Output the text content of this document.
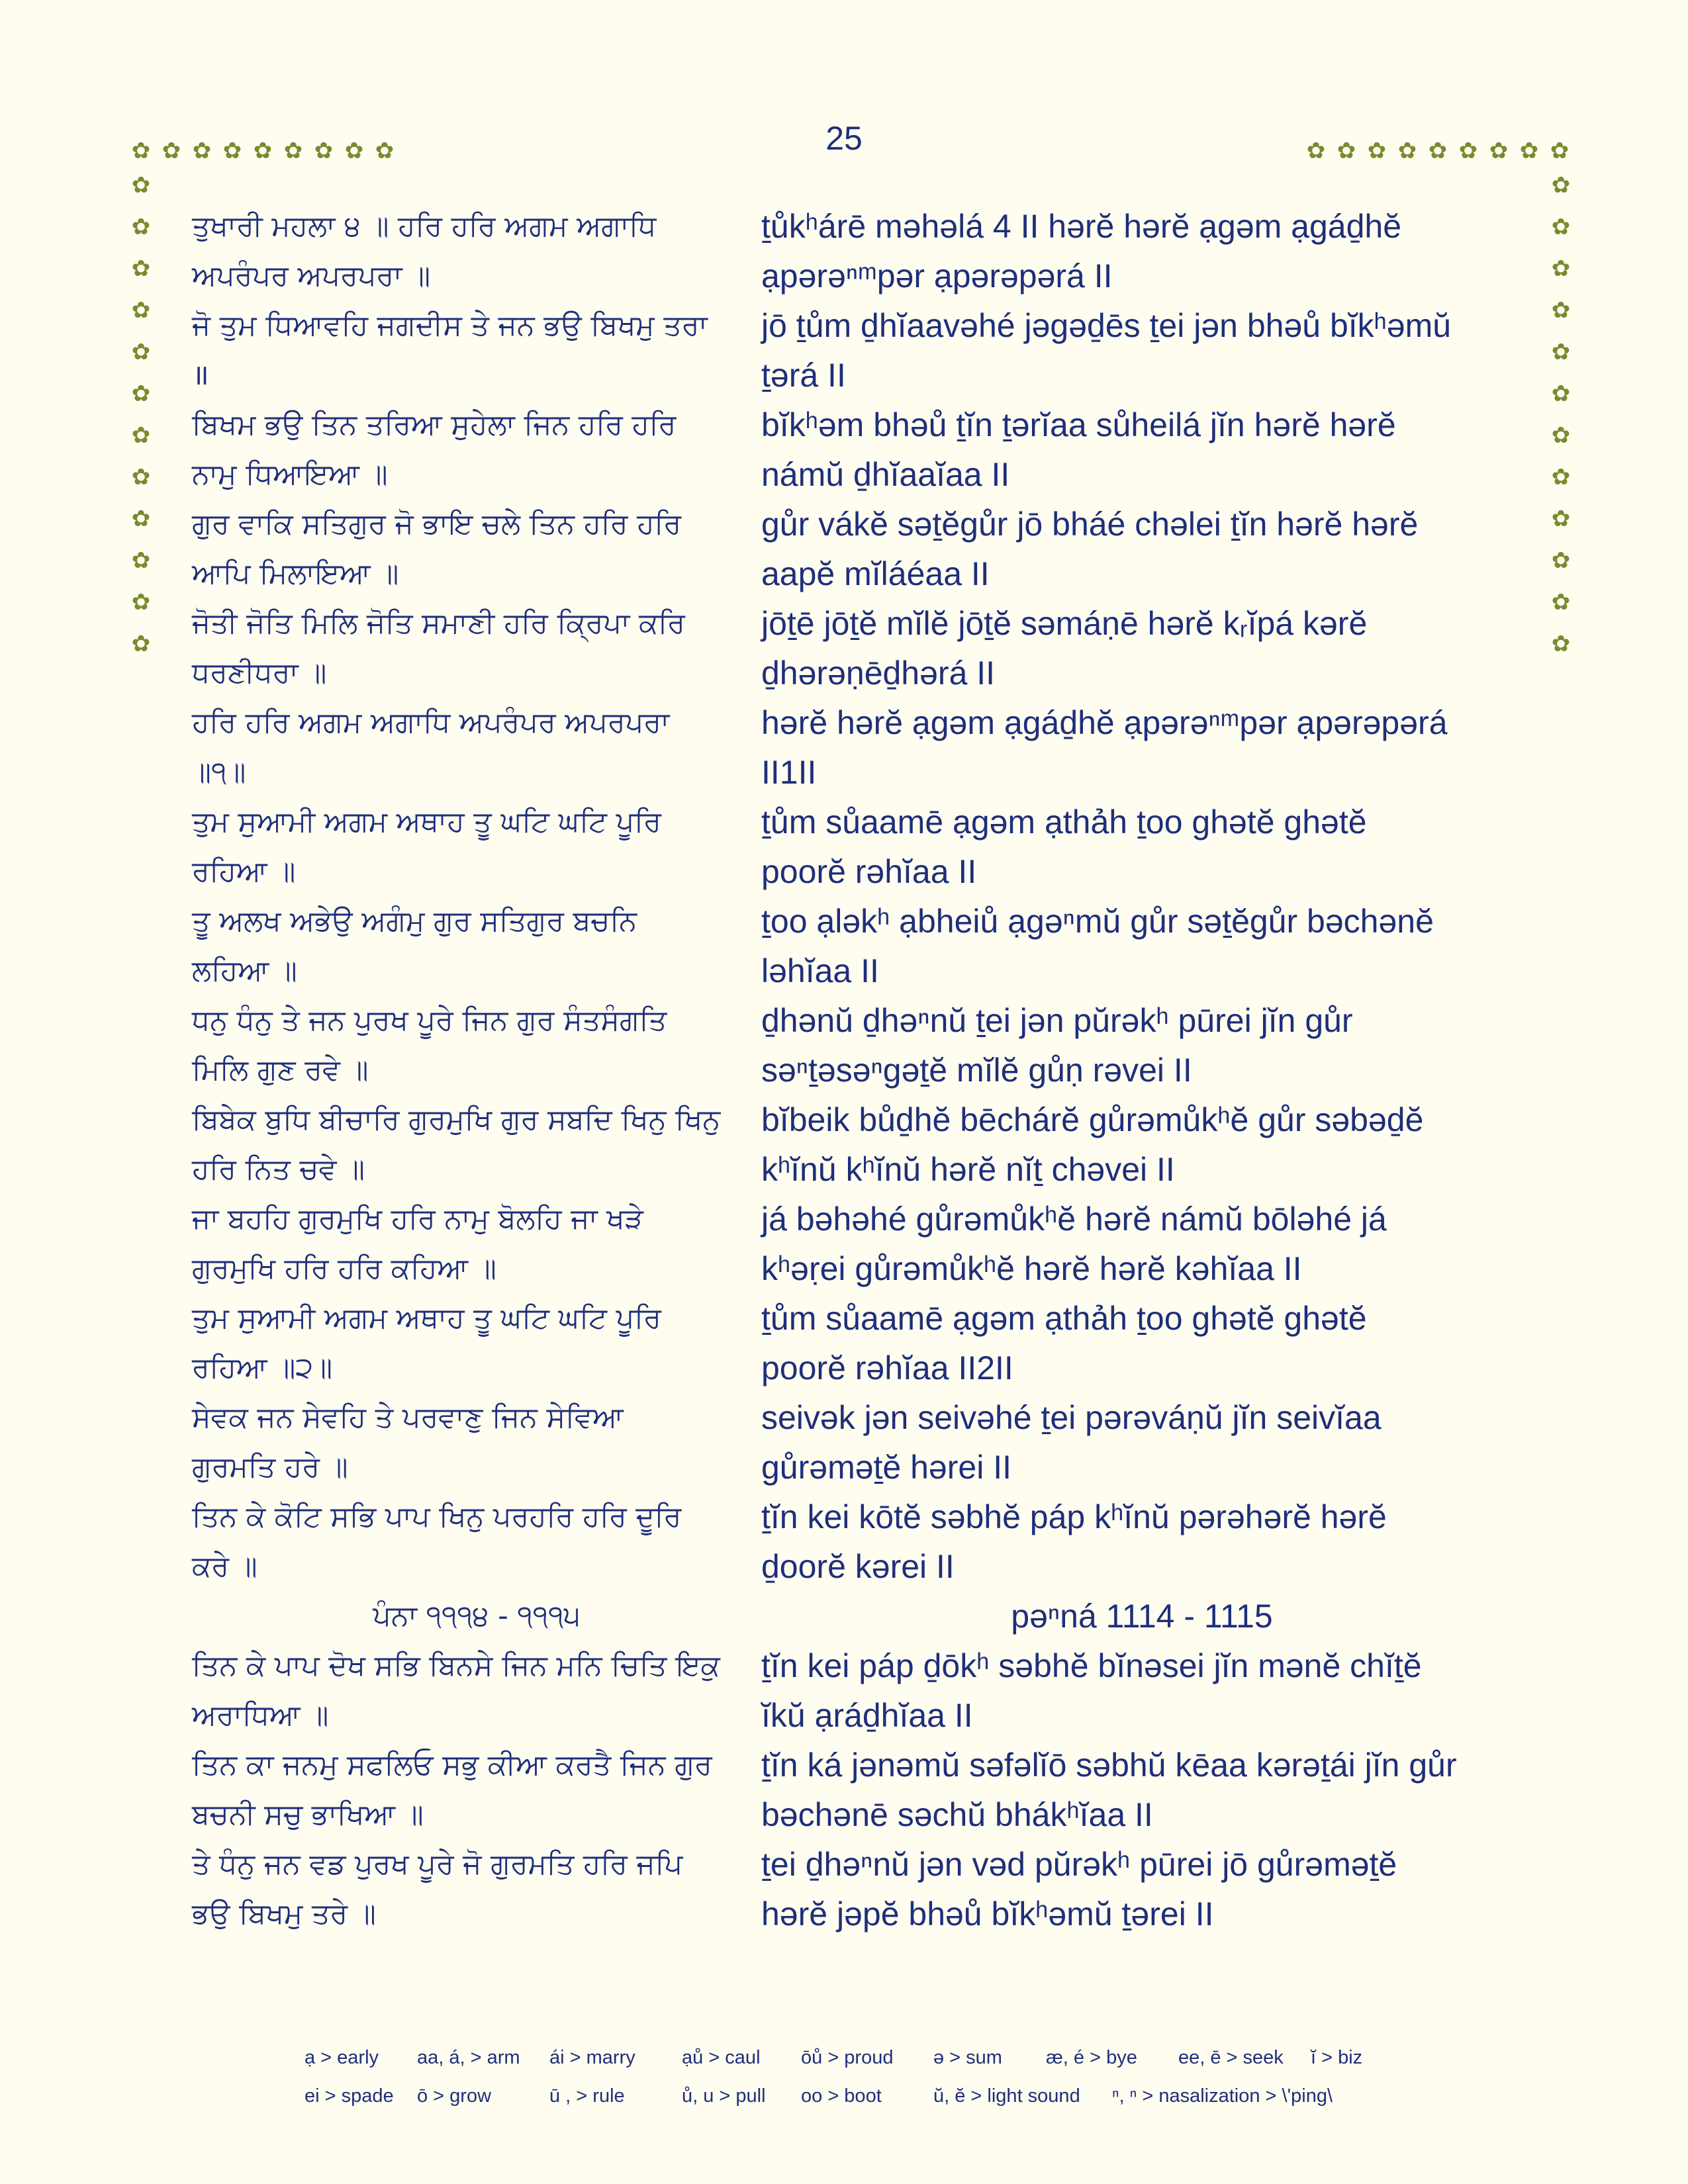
25
✿ ✿ ✿ ✿ ✿ ✿ ✿ ✿ ✿	✿ ✿ ✿ ✿ ✿ ✿ ✿ ✿ ✿
✿
✿
✿
✿
✿
✿
✿
✿
✿
✿
✿
✿
✿
✿
✿
✿
✿
✿
✿
✿
✿
✿
✿
✿
ਤੁਖਾਰੀ ਮਹਲਾ ੪ ॥ ਹਰਿ ਹਰਿ ਅਗਮ ਅਗਾਧਿ
ਅਪਰੰਪਰ ਅਪਰਪਰਾ ॥
ṯůkʰárē məhəlá 4 II hərĕ hərĕ ạgəm ạgáḏhĕ
ạpərəⁿᵐpər ạpərəpərá II
ਜੋ ਤੁਮ ਧਿਆਵਹਿ ਜਗਦੀਸ ਤੇ ਜਨ ਭਉ ਬਿਖਮੁ ਤਰਾ
॥
jō ṯům ḏhĭaavəhé jəgəḏēs ṯei jən bhəů bĭkʰəmŭ
ṯərá II
ਬਿਖਮ ਭਉ ਤਿਨ ਤਰਿਆ ਸੁਹੇਲਾ ਜਿਨ ਹਰਿ ਹਰਿ
ਨਾਮੁ ਧਿਆਇਆ ॥
bĭkʰəm bhəů ṯĭn ṯərĭaa sůheilá jĭn hərĕ hərĕ
námŭ ḏhĭaaĭaa II
ਗੁਰ ਵਾਕਿ ਸਤਿਗੁਰ ਜੋ ਭਾਇ ਚਲੇ ਤਿਨ ਹਰਿ ਹਰਿ
ਆਪਿ ਮਿਲਾਇਆ ॥
gůr vákĕ səṯĕgůr jō bháé chəlei ṯĭn hərĕ hərĕ
aapĕ mĭláéaa II
ਜੋਤੀ ਜੋਤਿ ਮਿਲਿ ਜੋਤਿ ਸਮਾਣੀ ਹਰਿ ਕ੍ਰਿਪਾ ਕਰਿ
ਧਰਣੀਧਰਾ ॥
jōṯē jōṯĕ mĭlĕ jōṯĕ səmáṇē hərĕ kᵣĭpá kərĕ
ḏhərəṇēḏhərá II
ਹਰਿ ਹਰਿ ਅਗਮ ਅਗਾਧਿ ਅਪਰੰਪਰ ਅਪਰਪਰਾ
॥੧॥
hərĕ hərĕ ạgəm ạgáḏhĕ ạpərəⁿᵐpər ạpərəpərá
II1II
ਤੁਮ ਸੁਆਮੀ ਅਗਮ ਅਥਾਹ ਤੂ ਘਟਿ ਘਟਿ ਪੂਰਿ
ਰਹਿਆ ॥
ṯům sůaamē ạgəm ạthảh ṯoo ghətĕ ghətĕ
poorĕ rəhĭaa II
ਤੂ ਅਲਖ ਅਭੇਉ ਅਗੰਮੁ ਗੁਰ ਸਤਿਗੁਰ ਬਚਨਿ
ਲਹਿਆ ॥
ṯoo ạləkʰ ạbheiů ạgəⁿmŭ gůr səṯĕgůr bəchənĕ
ləhĭaa II
ਧਨੁ ਧੰਨੁ ਤੇ ਜਨ ਪੁਰਖ ਪੂਰੇ ਜਿਨ ਗੁਰ ਸੰਤਸੰਗਤਿ
ਮਿਲਿ ਗੁਣ ਰਵੇ ॥
ḏhənŭ ḏhəⁿnŭ ṯei jən pŭrəkʰ pūrei jĭn gůr
səⁿṯəsəⁿgəṯĕ mĭlĕ gůṇ rəvei II
ਬਿਬੇਕ ਬੁਧਿ ਬੀਚਾਰਿ ਗੁਰਮੁਖਿ ਗੁਰ ਸਬਦਿ ਖਿਨੁ ਖਿਨੁ
ਹਰਿ ਨਿਤ ਚਵੇ ॥
bĭbeik bůḏhĕ bēchárĕ gůrəmůkʰĕ gůr səbəḏĕ
kʰĭnŭ kʰĭnŭ hərĕ nĭṯ chəvei II
ਜਾ ਬਹਹਿ ਗੁਰਮੁਖਿ ਹਰਿ ਨਾਮੁ ਬੋਲਹਿ ਜਾ ਖੜੇ
ਗੁਰਮੁਖਿ ਹਰਿ ਹਰਿ ਕਹਿਆ ॥
já bəhəhé gůrəmůkʰĕ hərĕ námŭ bōləhé já
kʰəṛei gůrəmůkʰĕ hərĕ hərĕ kəhĭaa II
ਤੁਮ ਸੁਆਮੀ ਅਗਮ ਅਥਾਹ ਤੂ ਘਟਿ ਘਟਿ ਪੂਰਿ
ਰਹਿਆ ॥੨॥
ṯům sůaamē ạgəm ạthảh ṯoo ghətĕ ghətĕ
poorĕ rəhĭaa II2II
ਸੇਵਕ ਜਨ ਸੇਵਹਿ ਤੇ ਪਰਵਾਣੁ ਜਿਨ ਸੇਵਿਆ
ਗੁਰਮਤਿ ਹਰੇ ॥
seivək jən seivəhé ṯei pərəváṇŭ jĭn seivĭaa
gůrəməṯĕ hərei II
ਤਿਨ ਕੇ ਕੋਟਿ ਸਭਿ ਪਾਪ ਖਿਨੁ ਪਰਹਰਿ ਹਰਿ ਦੂਰਿ
ਕਰੇ ॥
ṯĭn kei kōtĕ səbhĕ páp kʰĭnŭ pərəhərĕ hərĕ
ḏoorĕ kərei II
ਪੰਨਾ ੧੧੧੪ - ੧੧੧੫	pəⁿná 1114 - 1115
ਤਿਨ ਕੇ ਪਾਪ ਦੋਖ ਸਭਿ ਬਿਨਸੇ ਜਿਨ ਮਨਿ ਚਿਤਿ ਇਕੁ
ਅਰਾਧਿਆ ॥
ṯĭn kei páp ḏōkʰ səbhĕ bĭnəsei jĭn mənĕ chĭṯĕ
ĭkŭ ạráḏhĭaa II
ਤਿਨ ਕਾ ਜਨਮੁ ਸਫਲਿਓ ਸਭੁ ਕੀਆ ਕਰਤੈ ਜਿਨ ਗੁਰ
ਬਚਨੀ ਸਚੁ ਭਾਖਿਆ ॥
ṯĭn ká jənəmŭ səfəlĭō səbhŭ kēaa kərəṯái jĭn gůr
bəchənē səchŭ bhákʰĭaa II
ਤੇ ਧੰਨੁ ਜਨ ਵਡ ਪੁਰਖ ਪੂਰੇ ਜੋ ਗੁਰਮਤਿ ਹਰਿ ਜਪਿ
ਭਉ ਬਿਖਮੁ ਤਰੇ ॥
ṯei ḏhəⁿnŭ jən vəd pŭrəkʰ pūrei jō gůrəməṯĕ
hərĕ jəpĕ bhəů bĭkʰəmŭ ṯərei II
ạ > early	aa, á, > arm	ái > marry	ạů > caul	ōů > proud	ə > sum	æ, é > bye	ee, ē > seek	ĭ > biz
ei > spade	ō > grow	ū , > rule	ů, u > pull	oo > boot	ŭ, ĕ > light sound	ⁿ, ⁿ > nasalization > \'ping\
